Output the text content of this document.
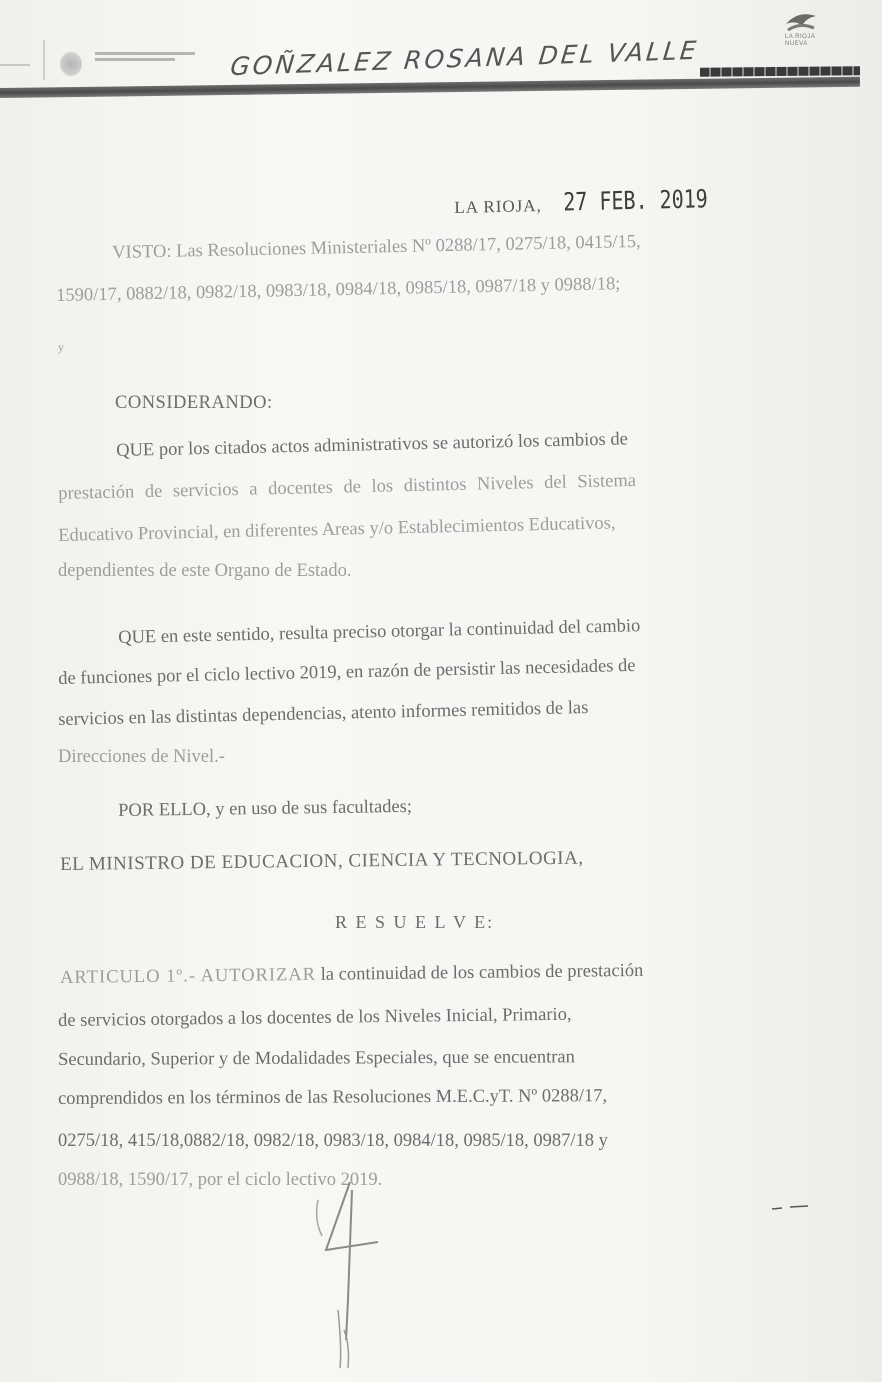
LA RIOJA
NUEVA
GOÑZALEZ ROSANA DEL VALLE
LA RIOJA, 27 FEB. 2019
VISTO: Las Resoluciones Ministeriales Nº 0288/17, 0275/18, 0415/15,
1590/17, 0882/18, 0982/18, 0983/18, 0984/18, 0985/18, 0987/18 y 0988/18;
y
CONSIDERANDO:
QUE por los citados actos administrativos se autorizó los cambios de
prestación de servicios a docentes de los distintos Niveles del Sistema
Educativo Provincial, en diferentes Areas y/o Establecimientos Educativos,
dependientes de este Organo de Estado.
QUE en este sentido, resulta preciso otorgar la continuidad del cambio
de funciones por el ciclo lectivo 2019, en razón de persistir las necesidades de
servicios en las distintas dependencias, atento informes remitidos de las
Direcciones de Nivel.-
POR ELLO, y en uso de sus facultades;
EL MINISTRO DE EDUCACION, CIENCIA Y TECNOLOGIA,
R E S U E L V E:
ARTICULO 1º.- AUTORIZAR la continuidad de los cambios de prestación
de servicios otorgados a los docentes de los Niveles Inicial, Primario,
Secundario, Superior y de Modalidades Especiales, que se encuentran
comprendidos en los términos de las Resoluciones M.E.C.yT. Nº 0288/17,
0275/18, 415/18,0882/18, 0982/18, 0983/18, 0984/18, 0985/18, 0987/18 y
0988/18, 1590/17, por el ciclo lectivo 2019.
